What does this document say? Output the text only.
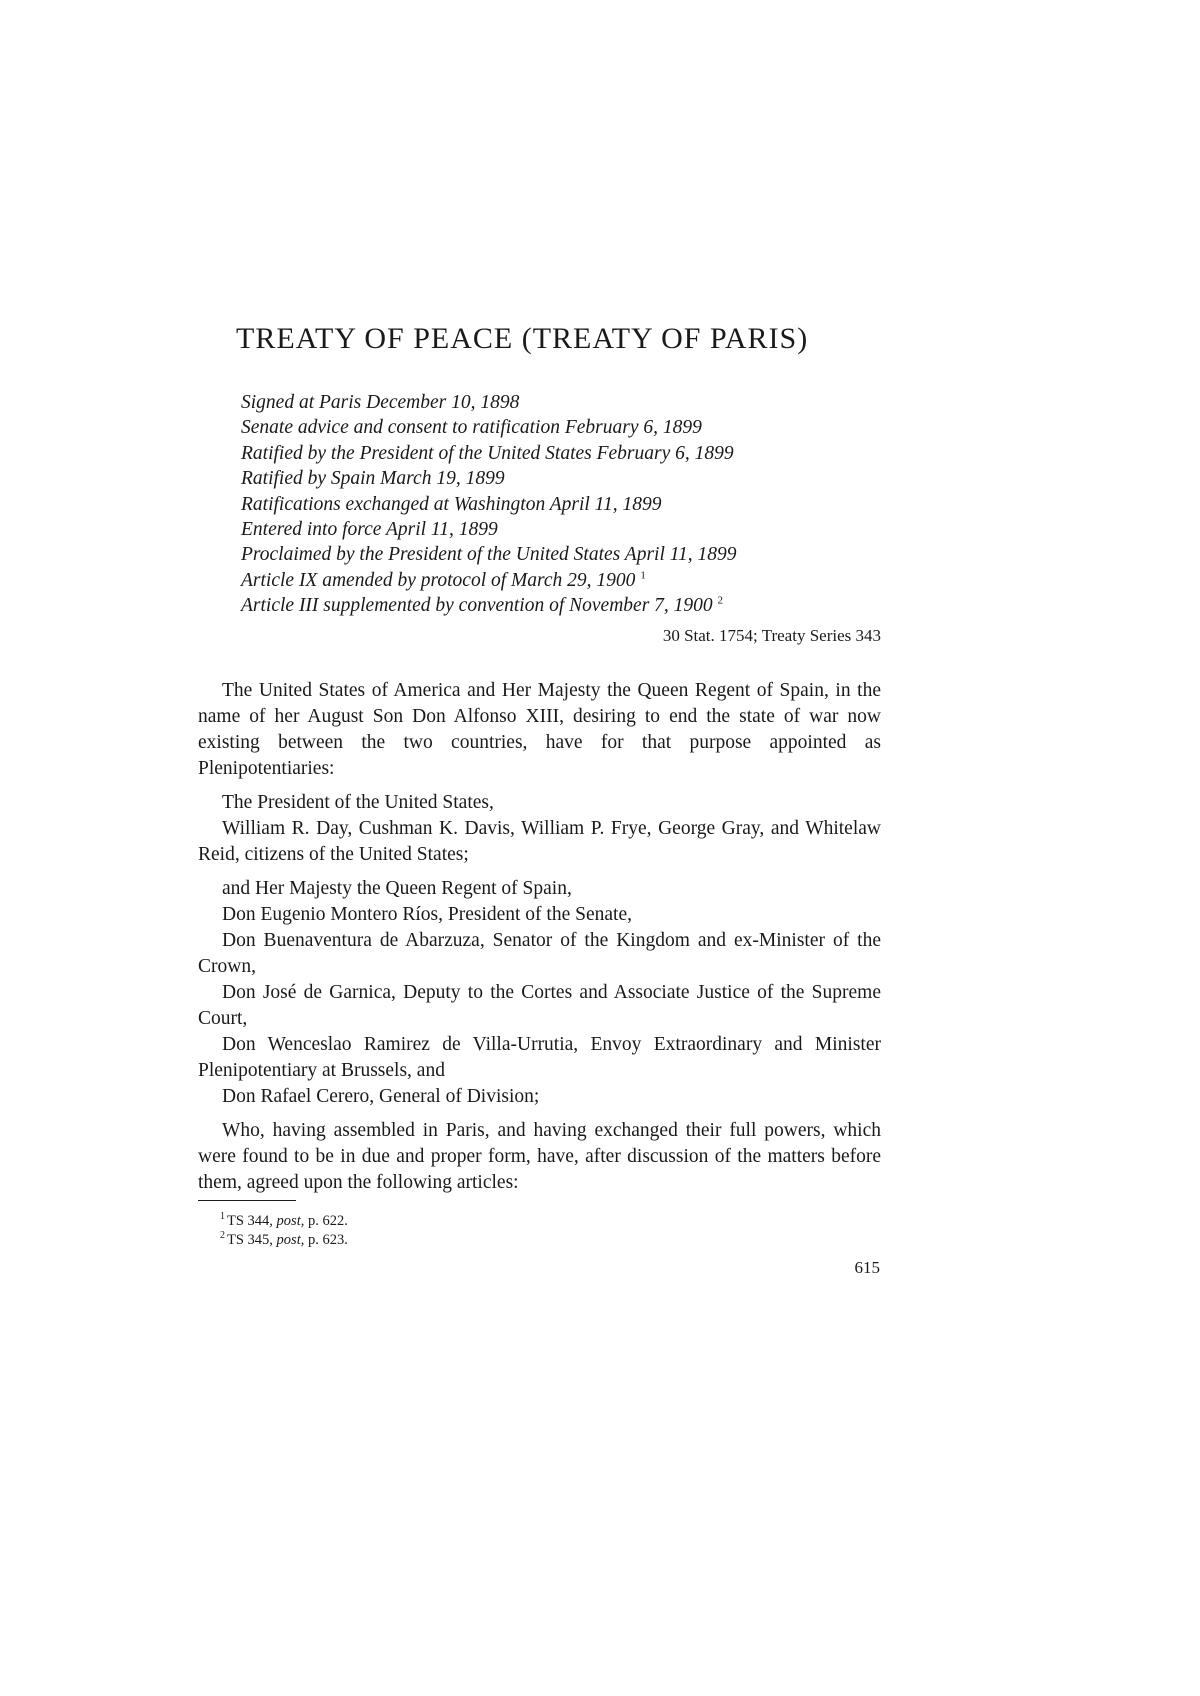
TREATY OF PEACE (TREATY OF PARIS)
Signed at Paris December 10, 1898
Senate advice and consent to ratification February 6, 1899
Ratified by the President of the United States February 6, 1899
Ratified by Spain March 19, 1899
Ratifications exchanged at Washington April 11, 1899
Entered into force April 11, 1899
Proclaimed by the President of the United States April 11, 1899
Article IX amended by protocol of March 29, 1900 $^1$
Article III supplemented by convention of November 7, 1900 $^2$

30 Stat. 1754; Treaty Series 343

The United States of America and Her Majesty the Queen Regent of Spain, in the name of her August Son Don Alfonso XIII, desiring to end the state of war now existing between the two countries, have for that purpose appointed as Plenipotentiaries:

The President of the United States,

William R. Day, Cushman K. Davis, William P. Frye, George Gray, and Whitelaw Reid, citizens of the United States;

and Her Majesty the Queen Regent of Spain,

Don Eugenio Montero Ríos, President of the Senate,

Don Buenaventura de Abarzuza, Senator of the Kingdom and ex-Minister of the Crown,

Don José de Garnica, Deputy to the Cortes and Associate Justice of the Supreme Court,

Don Wenceslao Ramirez de Villa-Urrutia, Envoy Extraordinary and Minister Plenipotentiary at Brussels, and

Don Rafael Cerero, General of Division;

Who, having assembled in Paris, and having exchanged their full powers, which were found to be in due and proper form, have, after discussion of the matters before them, agreed upon the following articles:

$^1$ TS 344, post, p. 622.
$^2$ TS 345, post, p. 623.

615
